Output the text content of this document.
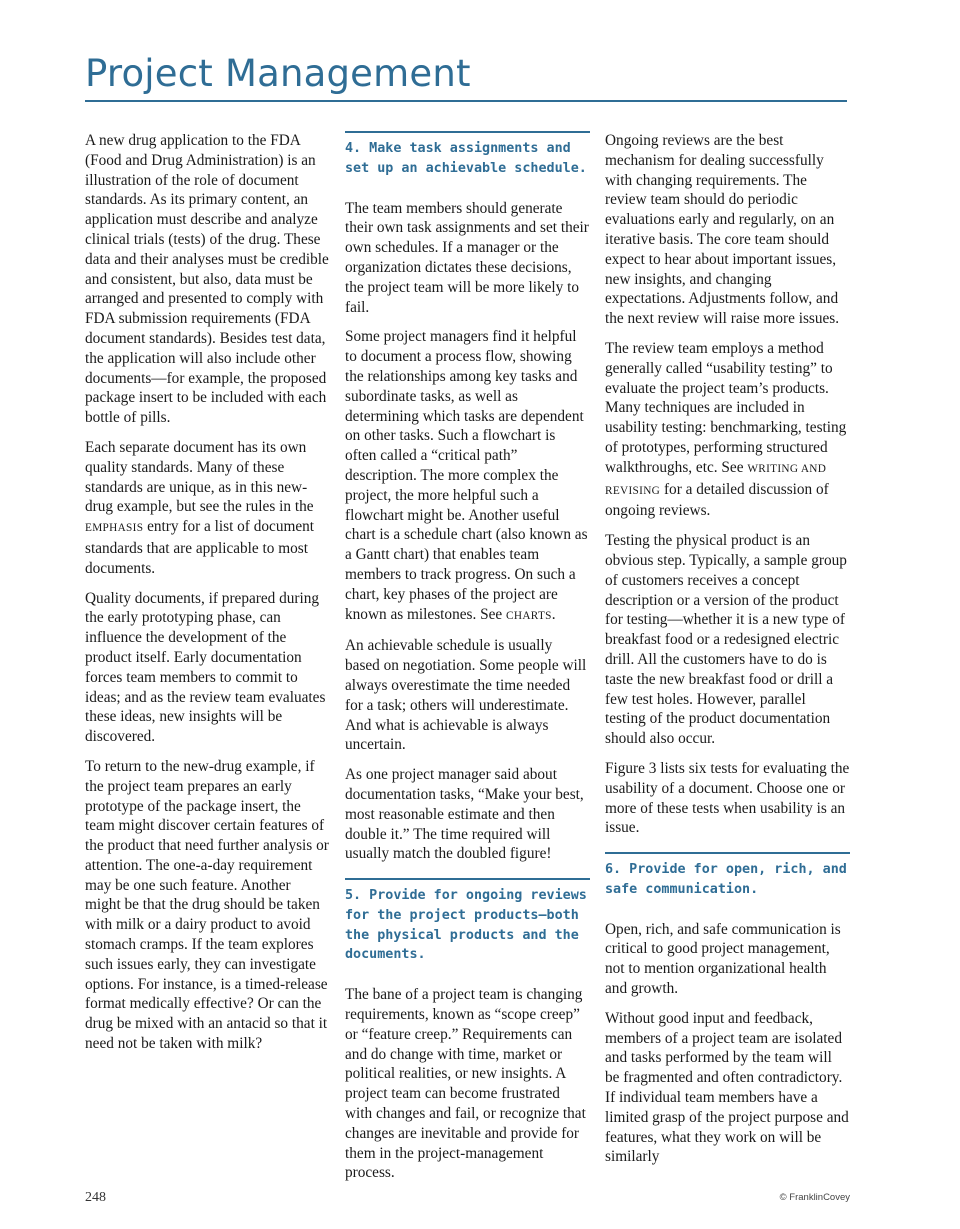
Project Management

A new drug application to the FDA (Food and Drug Administration) is an illustration of the role of document standards. As its primary content, an application must describe and analyze clinical trials (tests) of the drug. These data and their analyses must be credible and consistent, but also, data must be arranged and presented to comply with FDA submission requirements (FDA document standards). Besides test data, the application will also include other documents—for example, the proposed package insert to be included with each bottle of pills.

Each separate document has its own quality standards. Many of these standards are unique, as in this new-drug example, but see the rules in the EMPHASIS entry for a list of document standards that are applicable to most documents.

Quality documents, if prepared during the early prototyping phase, can influence the development of the product itself. Early documentation forces team members to commit to ideas; and as the review team evaluates these ideas, new insights will be discovered.

To return to the new-drug example, if the project team prepares an early prototype of the package insert, the team might discover certain features of the product that need further analysis or attention. The one-a-day requirement may be one such feature. Another might be that the drug should be taken with milk or a dairy product to avoid stomach cramps. If the team explores such issues early, they can investigate options. For instance, is a timed-release format medically effective? Or can the drug be mixed with an antacid so that it need not be taken with milk?

4. Make task assignments and set up an achievable schedule.

The team members should generate their own task assignments and set their own schedules. If a manager or the organization dictates these decisions, the project team will be more likely to fail.

Some project managers find it helpful to document a process flow, showing the relationships among key tasks and subordinate tasks, as well as determining which tasks are dependent on other tasks. Such a flowchart is often called a “critical path” description. The more complex the project, the more helpful such a flowchart might be. Another useful chart is a schedule chart (also known as a Gantt chart) that enables team members to track progress. On such a chart, key phases of the project are known as milestones. See CHARTS.

An achievable schedule is usually based on negotiation. Some people will always overestimate the time needed for a task; others will underestimate. And what is achievable is always uncertain.

As one project manager said about documentation tasks, “Make your best, most reasonable estimate and then double it.” The time required will usually match the doubled figure!

5. Provide for ongoing reviews for the project products—both the physical products and the documents.

The bane of a project team is changing requirements, known as “scope creep” or “feature creep.” Requirements can and do change with time, market or political realities, or new insights. A project team can become frustrated with changes and fail, or recognize that changes are inevitable and provide for them in the project-management process.

Ongoing reviews are the best mechanism for dealing successfully with changing requirements. The review team should do periodic evaluations early and regularly, on an iterative basis. The core team should expect to hear about important issues, new insights, and changing expectations. Adjustments follow, and the next review will raise more issues.

The review team employs a method generally called “usability testing” to evaluate the project team’s products. Many techniques are included in usability testing: benchmarking, testing of prototypes, performing structured walkthroughs, etc. See WRITING AND REVISING for a detailed discussion of ongoing reviews.

Testing the physical product is an obvious step. Typically, a sample group of customers receives a concept description or a version of the product for testing—whether it is a new type of breakfast food or a redesigned electric drill. All the customers have to do is taste the new breakfast food or drill a few test holes. However, parallel testing of the product documentation should also occur.

Figure 3 lists six tests for evaluating the usability of a document. Choose one or more of these tests when usability is an issue.

6. Provide for open, rich, and safe communication.

Open, rich, and safe communication is critical to good project management, not to mention organizational health and growth.

Without good input and feedback, members of a project team are isolated and tasks performed by the team will be fragmented and often contradictory. If individual team members have a limited grasp of the project purpose and features, what they work on will be similarly

248	© FranklinCovey
